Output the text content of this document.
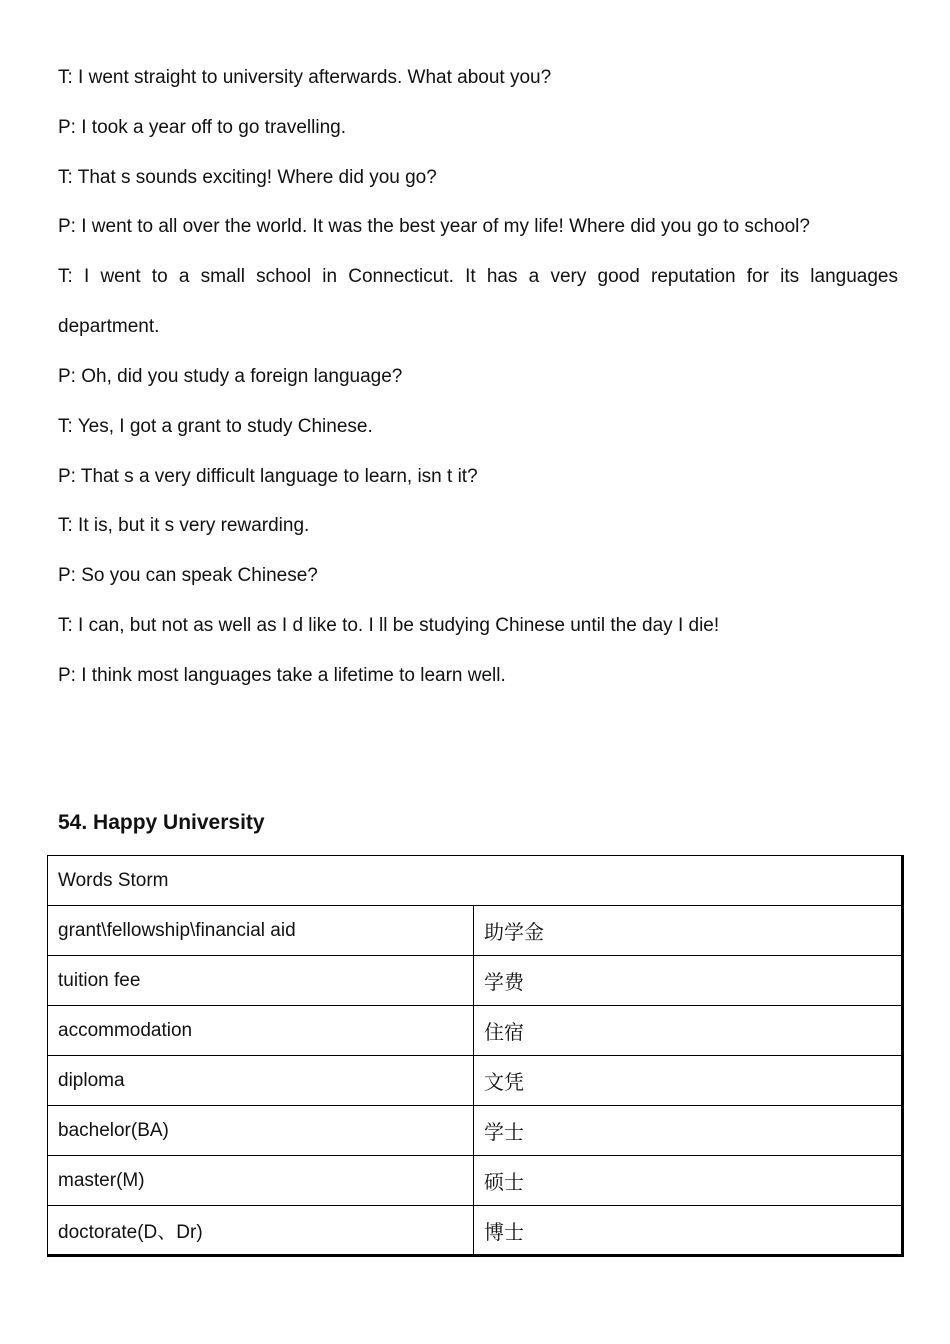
T: I went straight to university afterwards. What about you?

P: I took a year off to go travelling.

T: That s sounds exciting! Where did you go?

P: I went to all over the world. It was the best year of my life! Where did you go to school?

T: I went to a small school in Connecticut. It has a very good reputation for its languages department.

P: Oh, did you study a foreign language?

T: Yes, I got a grant to study Chinese.

P: That s a very difficult language to learn, isn t it?

T: It is, but it s very rewarding.

P: So you can speak Chinese?

T: I can, but not as well as I d like to. I ll be studying Chinese until the day I die!

P: I think most languages take a lifetime to learn well.

54. Happy University
Words Storm	
grant\fellowship\financial aid	助学金
tuition fee	学费
accommodation	住宿
diploma	文凭
bachelor(BA)	学士
master(M)	硕士
doctorate(D、Dr)	博士
